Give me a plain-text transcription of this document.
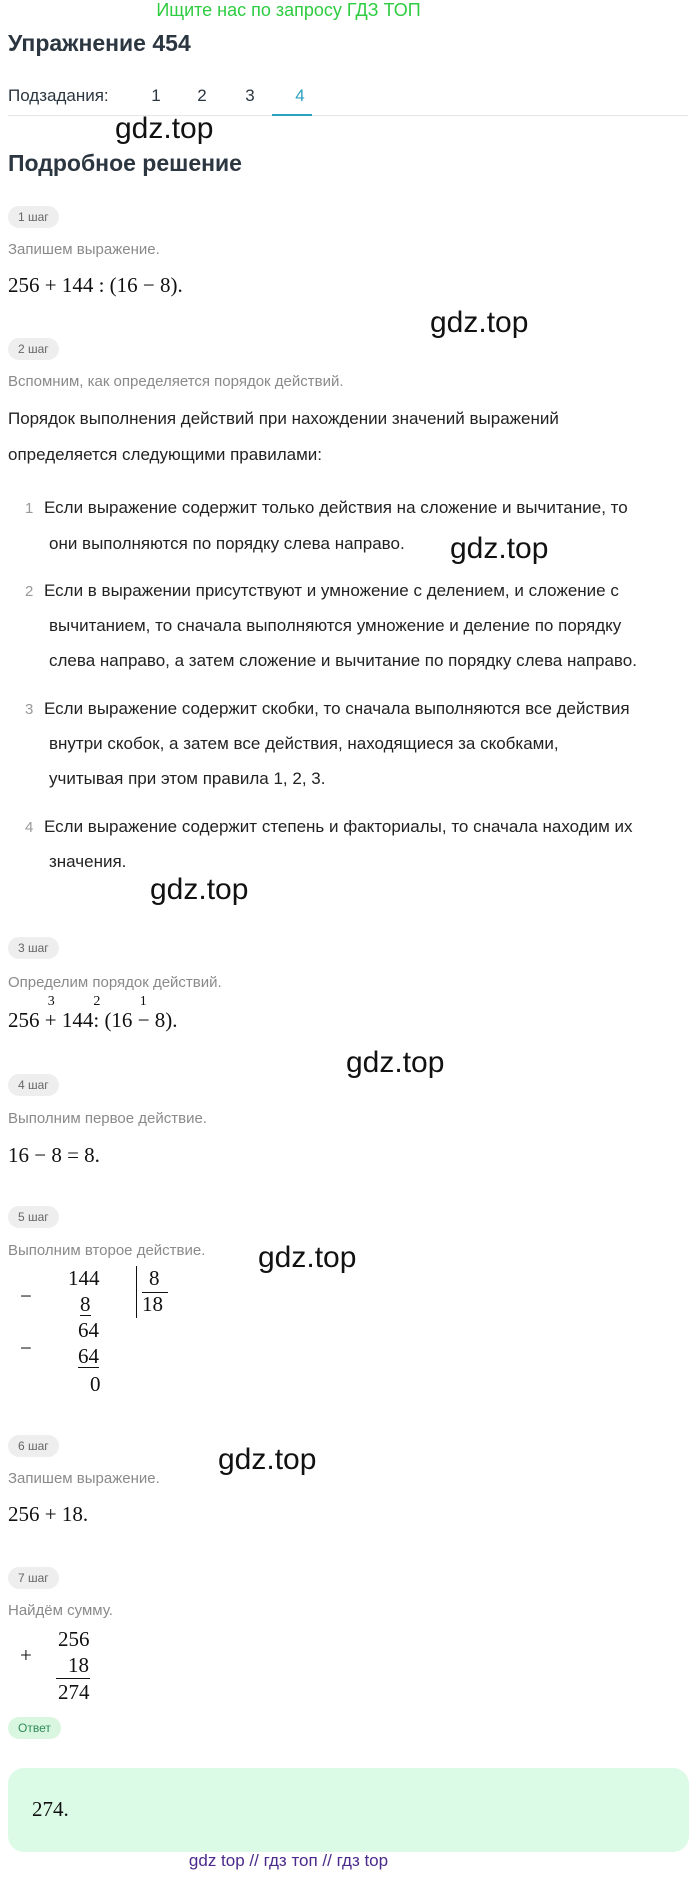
Ищите нас по запросу ГДЗ ТОП
Упражнение 454
Подзадания:	1	2	3	4
gdz.top
gdz.top
gdz.top
gdz.top
gdz.top
gdz.top
gdz.top
Подробное решение
1 шаг
Запишем выражение.
256 + 144 : (16 − 8).
2 шаг
Вспомним, как определяется порядок действий.
Порядок выполнения действий при нахождении значений выражений
определяется следующими правилами:
1 Если выражение содержит только действия на сложение и вычитание, то
они выполняются по порядку слева направо.
2 Если в выражении присутствуют и умножение с делением, и сложение с
вычитанием, то сначала выполняются умножение и деление по порядку
слева направо, а затем сложение и вычитание по порядку слева направо.
3 Если выражение содержит скобки, то сначала выполняются все действия
внутри скобок, а затем все действия, находящиеся за скобками,
учитывая при этом правила 1, 2, 3.
4 Если выражение содержит степень и факториалы, то сначала находим их
значения.
3 шаг
Определим порядок действий.
256 +
3
144:
2
(16 −
1
8).
4 шаг
Выполним первое действие.
16 − 8 = 8.
5 шаг
Выполним второе действие.
−
144 8
18
8
64
− 64
0
6 шаг
Запишем выражение.
256 + 18.
7 шаг
Найдём сумму.
+
256
18
274
Ответ
274.
gdz top // гдз топ // гдз top
